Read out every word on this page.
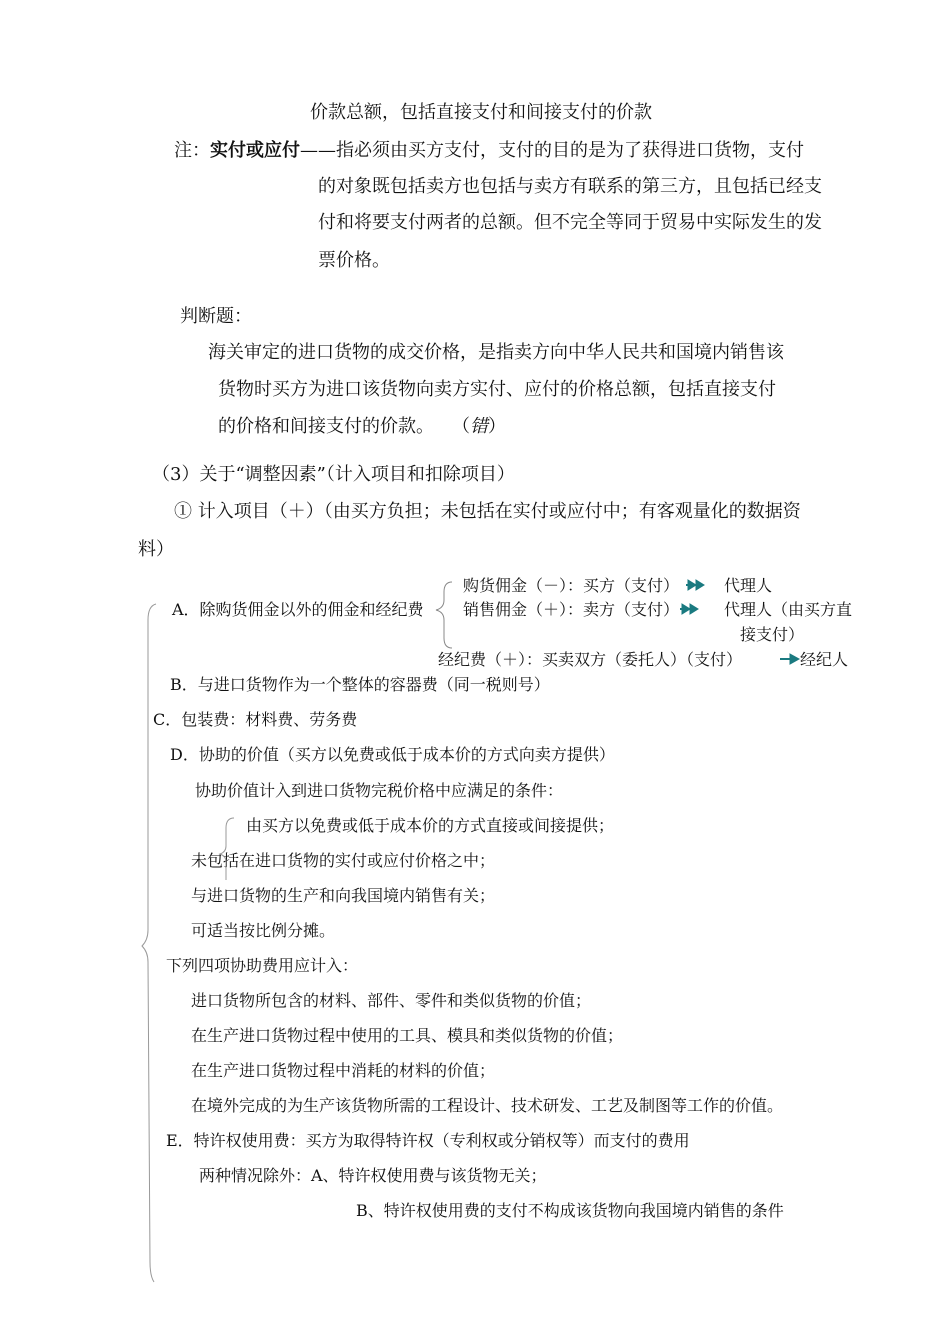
价款总额，包括直接支付和间接支付的价款
注：实付或应付——指必须由买方支付，支付的目的是为了获得进口货物，支付
的对象既包括卖方也包括与卖方有联系的第三方，且包括已经支
付和将要支付两者的总额。但不完全等同于贸易中实际发生的发
票价格。
判断题：
海关审定的进口货物的成交价格，是指卖方向中华人民共和国境内销售该
货物时买方为进口该货物向卖方实付、应付的价格总额，包括直接支付
的价格和间接支付的价款。 （错）
（3）关于“调整因素”（计入项目和扣除项目）
① 计入项目（＋）（由买方负担；未包括在实付或应付中；有客观量化的数据资
料）
购货佣金（－）：买方（支付）	代理人
A．除购货佣金以外的佣金和经纪费 销售佣金（＋）：卖方（支付）	代理人（由买方直
接支付）
经纪费（＋）：买卖双方（委托人）（支付）	经纪人
B．与进口货物作为一个整体的容器费（同一税则号）
C．包装费：材料费、劳务费
D．协助的价值（买方以免费或低于成本价的方式向卖方提供）
协助价值计入到进口货物完税价格中应满足的条件：
由买方以免费或低于成本价的方式直接或间接提供；
未包括在进口货物的实付或应付价格之中；
与进口货物的生产和向我国境内销售有关；
可适当按比例分摊。
下列四项协助费用应计入：
进口货物所包含的材料、部件、零件和类似货物的价值；
在生产进口货物过程中使用的工具、模具和类似货物的价值；
在生产进口货物过程中消耗的材料的价值；
在境外完成的为生产该货物所需的工程设计、技术研发、工艺及制图等工作的价值。
E．特许权使用费：买方为取得特许权（专利权或分销权等）而支付的费用
两种情况除外：A、特许权使用费与该货物无关；
B、特许权使用费的支付不构成该货物向我国境内销售的条件
